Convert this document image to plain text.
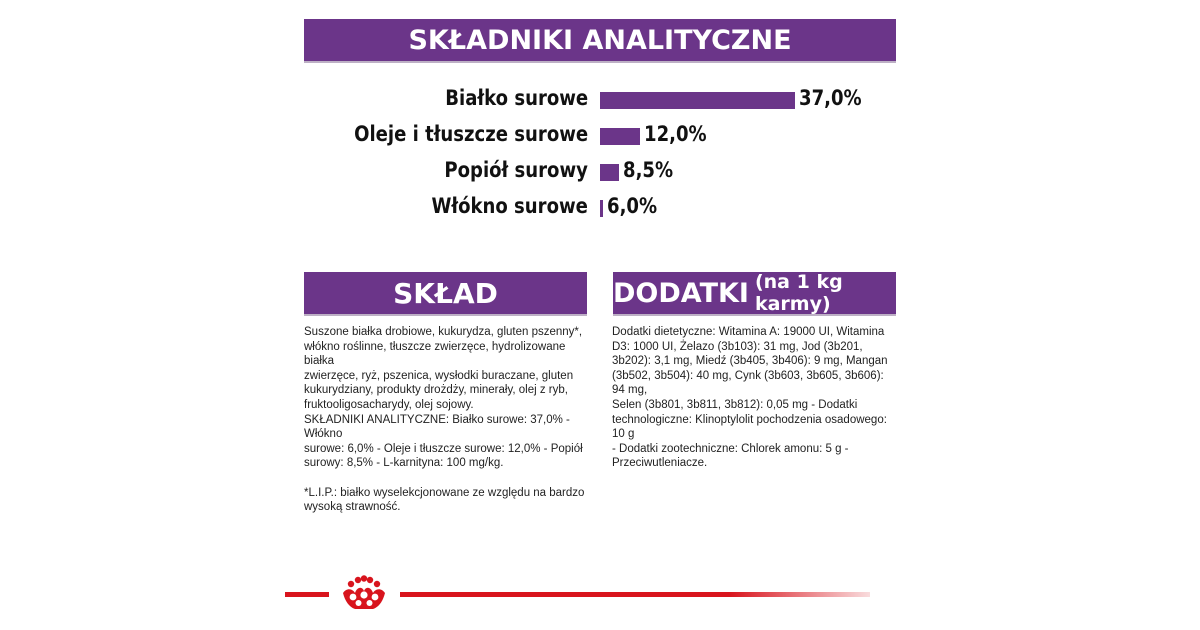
SKŁADNIKI ANALITYCZNE
Białko surowe	37,0%
Oleje i tłuszcze surowe	12,0%
Popiół surowy 8,5%
Włókno surowe 6,0%
SKŁAD	DODATKI (na 1 kg karmy)
Suszone białka drobiowe, kukurydza, gluten pszenny*,
włókno roślinne, tłuszcze zwierzęce, hydrolizowane białka
zwierzęce, ryż, pszenica, wysłodki buraczane, gluten
kukurydziany, produkty drożdży, minerały, olej z ryb,
fruktooligosacharydy, olej sojowy.
SKŁADNIKI ANALITYCZNE: Białko surowe: 37,0% - Włókno
surowe: 6,0% - Oleje i tłuszcze surowe: 12,0% - Popiół
surowy: 8,5% - L-karnityna: 100 mg/kg.

*L.I.P.: białko wyselekcjonowane ze względu na bardzo
wysoką strawność.
Dodatki dietetyczne: Witamina A: 19000 UI, Witamina
D3: 1000 UI, Żelazo (3b103): 31 mg, Jod (3b201,
3b202): 3,1 mg, Miedź (3b405, 3b406): 9 mg, Mangan
(3b502, 3b504): 40 mg, Cynk (3b603, 3b605, 3b606): 94 mg,
Selen (3b801, 3b811, 3b812): 0,05 mg - Dodatki
technologiczne: Klinoptylolit pochodzenia osadowego: 10 g
- Dodatki zootechniczne: Chlorek amonu: 5 g -
Przeciwutleniacze.
